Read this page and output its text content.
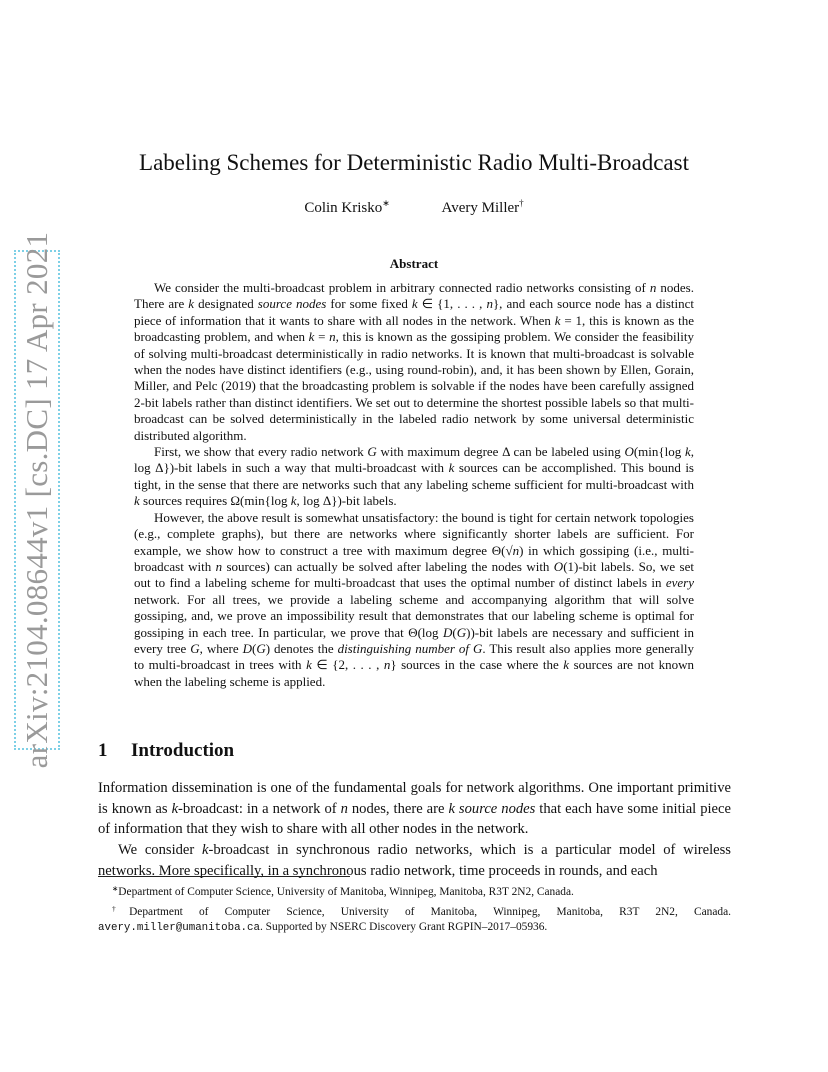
arXiv:2104.08644v1 [cs.DC] 17 Apr 2021
Labeling Schemes for Deterministic Radio Multi-Broadcast
Colin Krisko∗	Avery Miller†
Abstract

We consider the multi-broadcast problem in arbitrary connected radio networks consisting of n nodes. There are k designated source nodes for some fixed k ∈ {1, . . . , n}, and each source node has a distinct piece of information that it wants to share with all nodes in the network. When k = 1, this is known as the broadcasting problem, and when k = n, this is known as the gossiping problem. We consider the feasibility of solving multi-broadcast deterministically in radio networks. It is known that multi-broadcast is solvable when the nodes have distinct identifiers (e.g., using round-robin), and, it has been shown by Ellen, Gorain, Miller, and Pelc (2019) that the broadcasting problem is solvable if the nodes have been carefully assigned 2-bit labels rather than distinct identifiers. We set out to determine the shortest possible labels so that multi-broadcast can be solved deterministically in the labeled radio network by some universal deterministic distributed algorithm.

First, we show that every radio network G with maximum degree Δ can be labeled using O(min{log k, log Δ})-bit labels in such a way that multi-broadcast with k sources can be accomplished. This bound is tight, in the sense that there are networks such that any labeling scheme sufficient for multi-broadcast with k sources requires Ω(min{log k, log Δ})-bit labels.

However, the above result is somewhat unsatisfactory: the bound is tight for certain network topologies (e.g., complete graphs), but there are networks where significantly shorter labels are sufficient. For example, we show how to construct a tree with maximum degree Θ(√n) in which gossiping (i.e., multi-broadcast with n sources) can actually be solved after labeling the nodes with O(1)-bit labels. So, we set out to find a labeling scheme for multi-broadcast that uses the optimal number of distinct labels in every network. For all trees, we provide a labeling scheme and accompanying algorithm that will solve gossiping, and, we prove an impossibility result that demonstrates that our labeling scheme is optimal for gossiping in each tree. In particular, we prove that Θ(log D(G))-bit labels are necessary and sufficient in every tree G, where D(G) denotes the distinguishing number of G. This result also applies more generally to multi-broadcast in trees with k ∈ {2, . . . , n} sources in the case where the k sources are not known when the labeling scheme is applied.

1 Introduction

Information dissemination is one of the fundamental goals for network algorithms. One important primitive is known as k-broadcast: in a network of n nodes, there are k source nodes that each have some initial piece of information that they wish to share with all other nodes in the network.

We consider k-broadcast in synchronous radio networks, which is a particular model of wireless networks. More specifically, in a synchronous radio network, time proceeds in rounds, and each

∗Department of Computer Science, University of Manitoba, Winnipeg, Manitoba, R3T 2N2, Canada.

†Department of Computer Science, University of Manitoba, Winnipeg, Manitoba, R3T 2N2, Canada. avery.miller@umanitoba.ca. Supported by NSERC Discovery Grant RGPIN–2017–05936.
